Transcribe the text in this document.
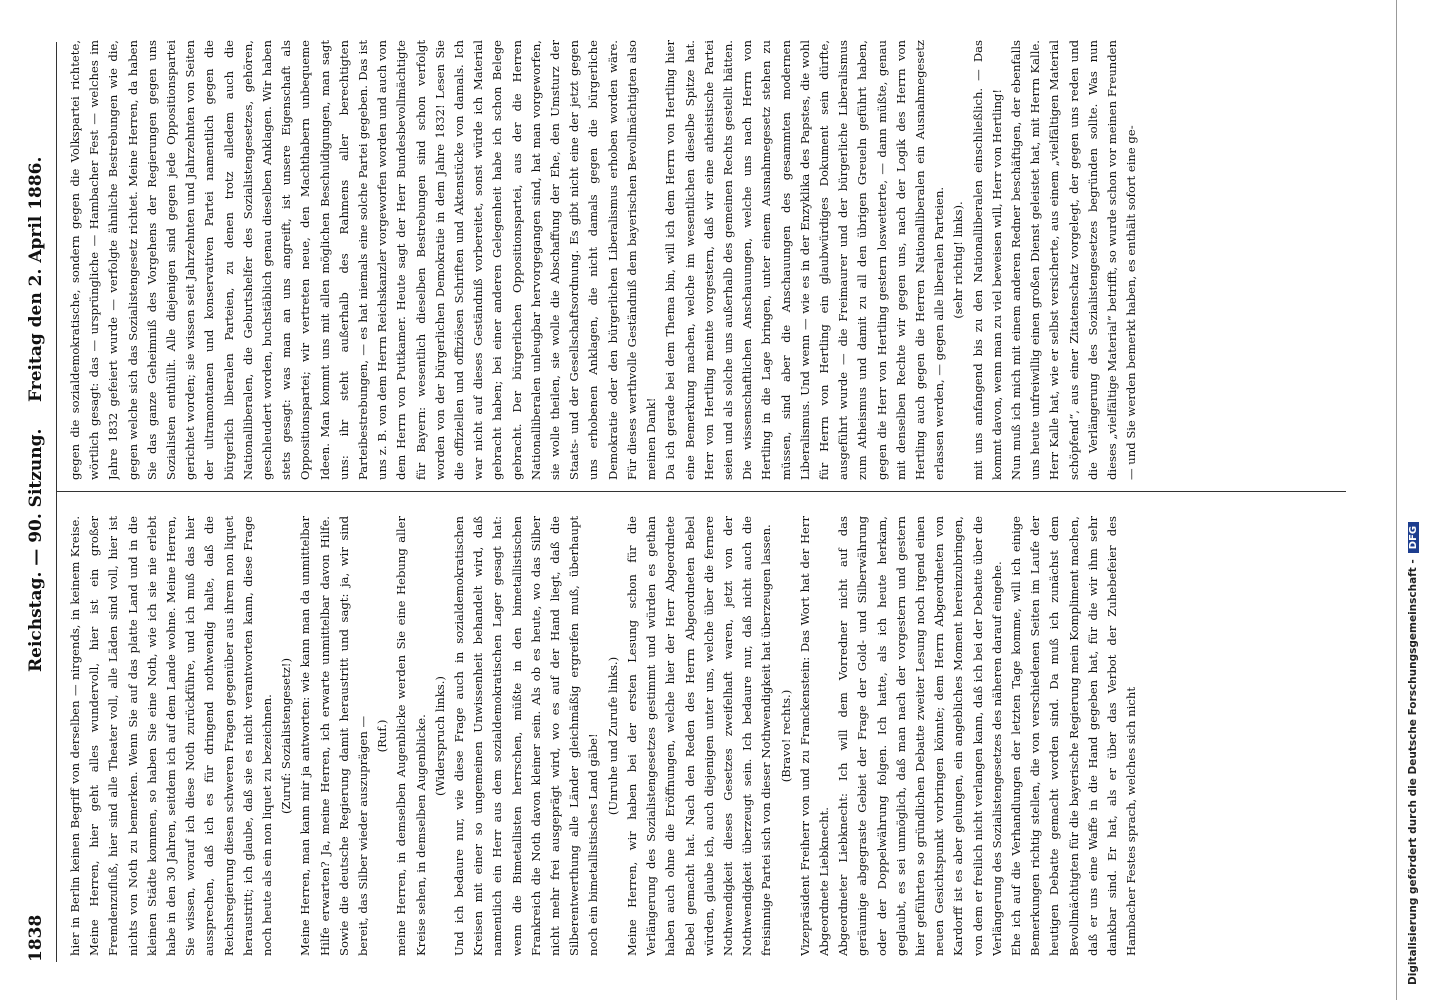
1838
Reichstag. — 90. Sitzung.
Freitag den 2. April 1886.

hier in Berlin keinen Begriff von derselben — nirgends, in keinem Kreise. Meine Herren, hier geht alles wundervoll, hier ist ein großer Fremdenzufluß, hier sind alle Theater voll, alle Läden sind voll, hier ist nichts von Noth zu bemerken. Wenn Sie auf das platte Land und in die kleinen Städte kommen, so haben Sie eine Noth, wie ich sie nie erlebt habe in den 30 Jahren, seitdem ich auf dem Lande wohne. Meine Herren, Sie wissen, worauf ich diese Noth zurückführe, und ich muß das hier aussprechen, daß ich es für dringend nothwendig halte, daß die Reichsregierung diesen schweren Fragen gegenüber aus ihrem non liquet heraustritt; ich glaube, daß sie es nicht verantworten kann, diese Frage noch heute als ein non liquet zu bezeichnen. (Zuruf: Sozialistengesetz!) Meine Herren, man kann mir ja antworten: wie kann man da unmittelbar Hilfe erwarten? Ja, meine Herren, ich erwarte unmittelbar davon Hilfe. Sowie die deutsche Regierung damit heraustritt und sagt: ja, wir sind bereit, das Silber wieder auszuprägen — (Ruf.) meine Herren, in demselben Augenblicke werden Sie eine Hebung aller Kreise sehen, in demselben Augenblicke. (Widerspruch links.) Und ich bedaure nur, wie diese Frage auch in sozialdemokratischen Kreisen mit einer so ungemeinen Unwissenheit behandelt wird, daß namentlich ein Herr aus dem sozialdemokratischen Lager gesagt hat: wenn die Bimetallisten herrschen, müßte in den bimetallistischen Frankreich die Noth davon kleiner sein. Als ob es heute, wo das Silber nicht mehr frei ausgeprägt wird, wo es auf der Hand liegt, daß die Silberentwerthung alle Länder gleichmäßig ergreifen muß, überhaupt noch ein bimetallistisches Land gäbe! (Unruhe und Zurufe links.) Meine Herren, wir haben bei der ersten Lesung schon für die Verlängerung des Sozialistengesetzes gestimmt und würden es gethan haben auch ohne die Eröffnungen, welche hier der Herr Abgeordnete Bebel gemacht hat. Nach den Reden des Herrn Abgeordneten Bebel würden, glaube ich, auch diejenigen unter uns, welche über die fernere Nothwendigkeit dieses Gesetzes zweifelhaft waren, jetzt von der Nothwendigkeit überzeugt sein. Ich bedaure nur, daß nicht auch die freisinnige Partei sich von dieser Nothwendigkeit hat überzeugen lassen. (Bravo! rechts.) Vizepräsident Freiherr von und zu Franckenstein: Das Wort hat der Herr Abgeordnete Liebknecht. Abgeordneter Liebknecht: Ich will dem Vorredner nicht auf das geräumige abgegraste Gebiet der Frage der Gold- und Silberwährung oder der Doppelwährung folgen. Ich hatte, als ich heute herkam, geglaubt, es sei unmöglich, daß man nach der vorgestern und gestern hier geführten so gründlichen Debatte zweiter Lesung noch irgend einen neuen Gesichtspunkt vorbringen könnte; dem Herrn Abgeordneten von Kardorff ist es aber gelungen, ein angebliches Moment hereinzubringen, von dem er freilich nicht verlangen kann, daß ich bei der Debatte über die Verlängerung des Sozialistengesetzes des näheren darauf eingehe. Ehe ich auf die Verhandlungen der letzten Tage komme, will ich einige Bemerkungen richtig stellen, die von verschiedenen Seiten im Laufe der heutigen Debatte gemacht worden sind. Da muß ich zunächst dem Bevollmächtigten für die bayerische Regierung mein Kompliment machen, daß er uns eine Waffe in die Hand gegeben hat, für die wir ihm sehr dankbar sind. Er hat, als er über das Verbot der Zuhebefeier des Hambacher Festes sprach, welches sich nicht

gegen die sozialdemokratische, sondern gegen die Volkspartei richtete, wörtlich gesagt: das — ursprüngliche — Hambacher Fest — welches im Jahre 1832 gefeiert wurde — verfolgte ähnliche Bestrebungen wie die, gegen welche sich das Sozialistengesetz richtet. Meine Herren, da haben Sie das ganze Geheimniß des Vorgehens der Regierungen gegen uns Sozialisten enthüllt. Alle diejenigen sind gegen jede Oppositionspartei gerichtet worden; sie wissen seit Jahrzehnten und Jahrzehnten von Seiten der ultramontanen und konservativen Partei namentlich gegen die bürgerlich liberalen Parteien, zu denen trotz alledem auch die Nationalliberalen, die Geburtshelfer des Sozialistengesetzes, gehören, geschleudert worden, buchstäblich genau dieselben Anklagen. Wir haben stets gesagt: was man an uns angreift, ist unsere Eigenschaft als Oppositionspartei; wir vertreten neue, den Machthabern unbequeme Ideen. Man kommt uns mit allen möglichen Beschuldigungen, man sagt uns: ihr steht außerhalb des Rahmens aller berechtigten Parteibestrebungen, — es hat niemals eine solche Partei gegeben. Das ist uns z. B. von dem Herrn Reichskanzler vorgeworfen worden und auch von dem Herrn von Puttkamer. Heute sagt der Herr Bundesbevollmächtigte für Bayern: wesentlich dieselben Bestrebungen sind schon verfolgt worden von der bürgerlichen Demokratie in dem Jahre 1832! Lesen Sie die offiziellen und offiziösen Schriften und Aktenstücke von damals. Ich war nicht auf dieses Geständniß vorbereitet, sonst würde ich Material gebracht haben; bei einer anderen Gelegenheit habe ich schon Belege gebracht. Der bürgerlichen Oppositionspartei, aus der die Herren Nationalliberalen unleugbar hervorgegangen sind, hat man vorgeworfen, sie wolle theilen, sie wolle die Abschaffung der Ehe, den Umsturz der Staats- und der Gesellschaftsordnung. Es gibt nicht eine der jetzt gegen uns erhobenen Anklagen, die nicht damals gegen die bürgerliche Demokratie oder den bürgerlichen Liberalismus erhoben worden wäre. Für dieses werthvolle Geständniß dem bayerischen Bevollmächtigten also meinen Dank! Da ich gerade bei dem Thema bin, will ich dem Herrn von Hertling hier eine Bemerkung machen, welche im wesentlichen dieselbe Spitze hat. Herr von Hertling meinte vorgestern, daß wir eine atheistische Partei seien und als solche uns außerhalb des gemeinen Rechts gestellt hätten. Die wissenschaftlichen Anschauungen, welche uns nach Herrn von Hertling in die Lage bringen, unter einem Ausnahmegesetz stehen zu müssen, sind aber die Anschauungen des gesammten modernen Liberalismus. Und wenn — wie es in der Enzyklika des Papstes, die wohl für Herrn von Hertling ein glaubwürdiges Dokument sein dürfte, ausgeführt wurde — die Freimaurer und der bürgerliche Liberalismus zum Atheismus und damit zu all den übrigen Greueln geführt haben, gegen die Herr von Hertling gestern loswetterte, — dann müßte, genau mit denselben Rechte wir gegen uns, nach der Logik des Herrn von Hertling auch gegen die Herren Nationalliberalen ein Ausnahmegesetz erlassen werden, — gegen alle liberalen Parteien. (sehr richtig! links). mit uns anfangend bis zu den Nationalliberalen einschließlich. — Das kommt davon, wenn man zu viel beweisen will, Herr von Hertling! Nun muß ich mich mit einem anderen Redner beschäftigen, der ebenfalls uns heute unfreiwillig einen großen Dienst geleistet hat, mit Herrn Kalle. Herr Kalle hat, wie er selbst versicherte, aus einem „vielfältigen Material schöpfend“, aus einer Zitatenschatz vorgelegt, der gegen uns reden und die Verlängerung des Sozialistengesetzes begründen sollte. Was nun dieses „vielfältige Material“ betrifft, so wurde schon vor meinen Freunden — und Sie werden bemerkt haben, es enthält sofort eine ge-

Digitalisierung gefördert durch die Deutsche Forschungsgemeinschaft -DFG
